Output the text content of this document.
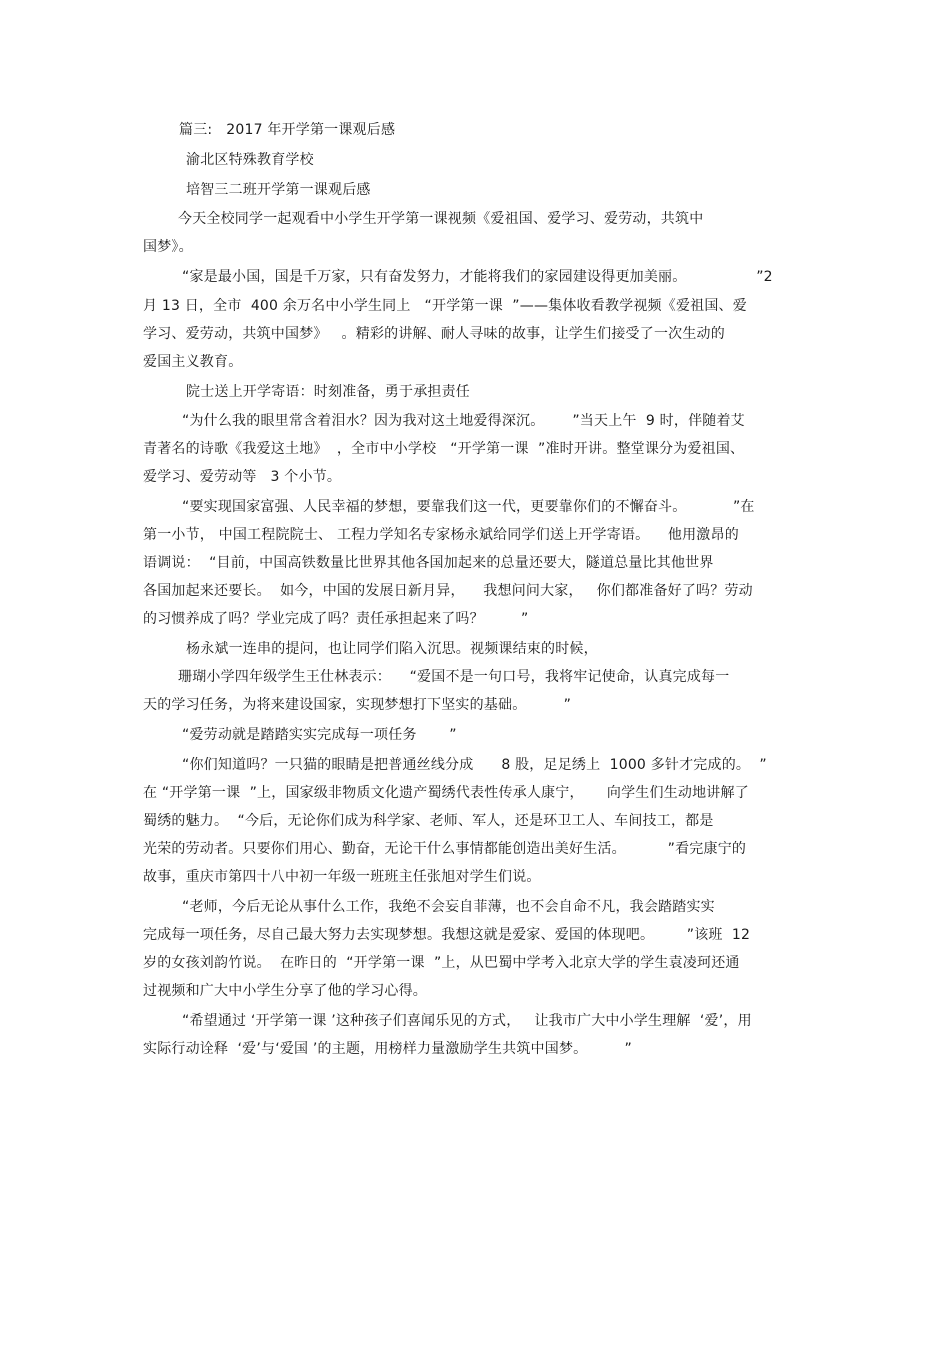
篇三:   2017 年开学第一课观后感
渝北区特殊教育学校
培智三二班开学第一课观后感
今天全校同学一起观看中小学生开学第一课视频《爱祖国、爱学习、爱劳动，共筑中
国梦》。
“家是最小国，国是千万家，只有奋发努力，才能将我们的家园建设得更加美丽。               ”2
月 13 日，全市  400 余万名中小学生同上   “开学第一课  ”——集体收看教学视频《爱祖国、爱
学习、爱劳动，共筑中国梦》   。精彩的讲解、耐人寻味的故事，让学生们接受了一次生动的
爱国主义教育。
院士送上开学寄语：时刻准备，勇于承担责任
“为什么我的眼里常含着泪水？因为我对这土地爱得深沉。      ”当天上午  9 时，伴随着艾
青著名的诗歌《我爱这土地》  ，全市中小学校   “开学第一课  ”准时开讲。整堂课分为爱祖国、
爱学习、爱劳动等   3 个小节。
“要实现国家富强、人民幸福的梦想，要靠我们这一代，更要靠你们的不懈奋斗。          ”在
第一小节， 中国工程院院士、 工程力学知名专家杨永斌给同学们送上开学寄语。    他用激昂的
语调说：  “目前，中国高铁数量比世界其他各国加起来的总量还要大，隧道总量比其他世界
各国加起来还要长。  如今，中国的发展日新月异，    我想问问大家，   你们都准备好了吗？劳动
的习惯养成了吗？学业完成了吗？责任承担起来了吗？        ”
杨永斌一连串的提问，也让同学们陷入沉思。视频课结束的时候，
珊瑚小学四年级学生王仕林表示：    “爱国不是一句口号，我将牢记使命，认真完成每一
天的学习任务，为将来建设国家，实现梦想打下坚实的基础。        ”
“爱劳动就是踏踏实实完成每一项任务       ”
“你们知道吗？一只猫的眼睛是把普通丝线分成      8 股，足足绣上  1000 多针才完成的。  ”
在 “开学第一课  ”上，国家级非物质文化遗产蜀绣代表性传承人康宁，     向学生们生动地讲解了
蜀绣的魅力。  “今后，无论你们成为科学家、老师、军人，还是环卫工人、车间技工，都是
光荣的劳动者。只要你们用心、勤奋，无论干什么事情都能创造出美好生活。         ”看完康宁的
故事，重庆市第四十八中初一年级一班班主任张旭对学生们说。
“老师，今后无论从事什么工作，我绝不会妄自菲薄，也不会自命不凡，我会踏踏实实
完成每一项任务，尽自己最大努力去实现梦想。我想这就是爱家、爱国的体现吧。       ”该班  12
岁的女孩刘韵竹说。  在昨日的  “开学第一课  ”上，从巴蜀中学考入北京大学的学生袁凌珂还通
过视频和广大中小学生分享了他的学习心得。
“希望通过 ‘开学第一课 ’这种孩子们喜闻乐见的方式，   让我市广大中小学生理解  ‘爱’，用
实际行动诠释  ‘爱’与‘爱国 ’的主题，用榜样力量激励学生共筑中国梦。        ”
